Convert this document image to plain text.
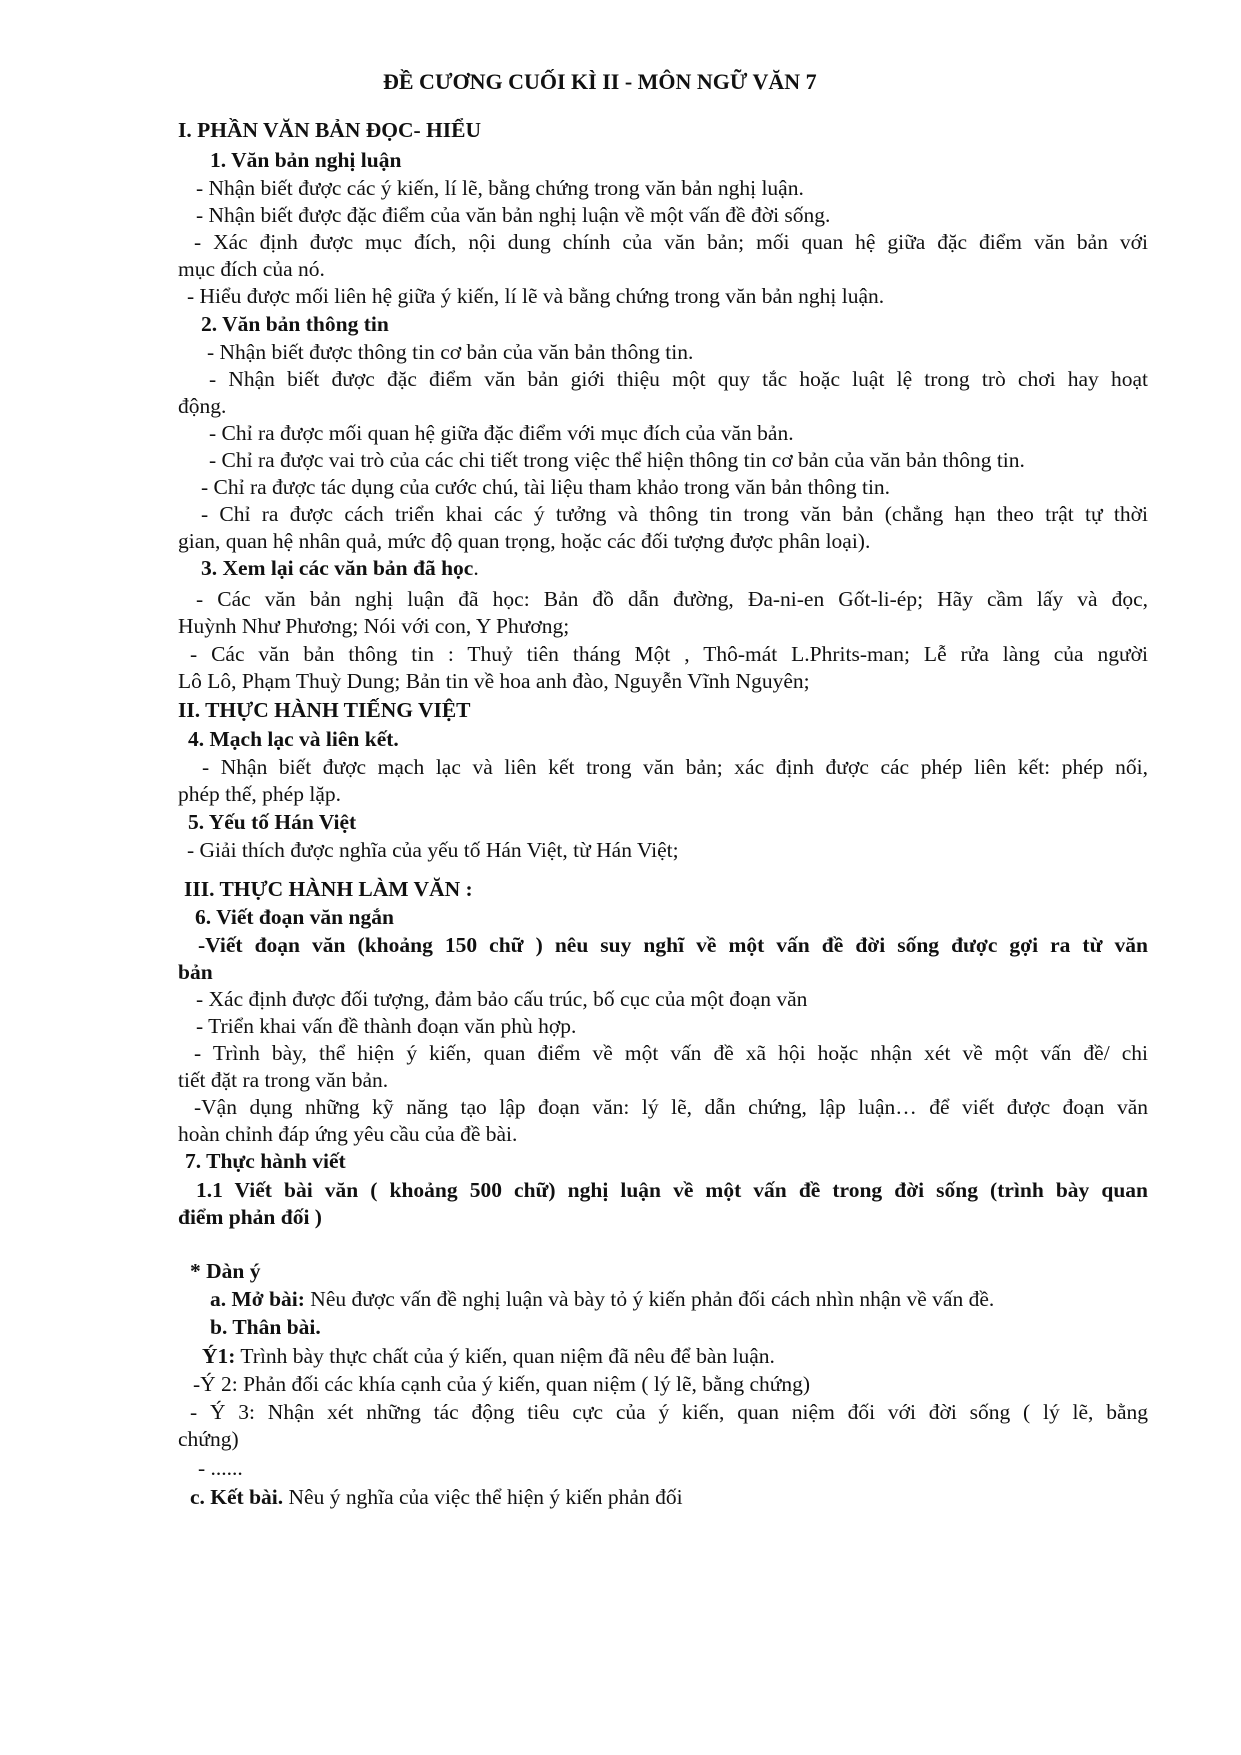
ĐỀ CƯƠNG CUỐI KÌ II - MÔN NGỮ VĂN 7
I. PHẦN VĂN BẢN ĐỌC- HIỂU
1. Văn bản nghị luận
- Nhận biết được các ý kiến, lí lẽ, bằng chứng trong văn bản nghị luận.
- Nhận biết được đặc điểm của văn bản nghị luận về một vấn đề đời sống.
- Xác định được mục đích, nội dung chính của văn bản; mối quan hệ giữa đặc điểm văn bản với
mục đích của nó.
- Hiểu được mối liên hệ giữa ý kiến, lí lẽ và bằng chứng trong văn bản nghị luận.
2. Văn bản thông tin
- Nhận biết được thông tin cơ bản của văn bản thông tin.
- Nhận biết được đặc điểm văn bản giới thiệu một quy tắc hoặc luật lệ trong trò chơi hay hoạt
động.
- Chỉ ra được mối quan hệ giữa đặc điểm với mục đích của văn bản.
- Chỉ ra được vai trò của các chi tiết trong việc thể hiện thông tin cơ bản của văn bản thông tin.
- Chỉ ra được tác dụng của cước chú, tài liệu tham khảo trong văn bản thông tin.
- Chỉ ra được cách triển khai các ý tưởng và thông tin trong văn bản (chẳng hạn theo trật tự thời
gian, quan hệ nhân quả, mức độ quan trọng, hoặc các đối tượng được phân loại).
3. Xem lại các văn bản đã học.
- Các văn bản nghị luận đã học: Bản đồ dẫn đường, Đa-ni-en Gốt-li-ép; Hãy cầm lấy và đọc,
Huỳnh Như Phương; Nói với con, Y Phương;
- Các văn bản thông tin : Thuỷ tiên tháng Một , Thô-mát L.Phrits-man; Lễ rửa làng của người
Lô Lô, Phạm Thuỳ Dung; Bản tin về hoa anh đào, Nguyễn Vĩnh Nguyên;
II. THỰC HÀNH TIẾNG VIỆT
4. Mạch lạc và liên kết.
- Nhận biết được mạch lạc và liên kết trong văn bản; xác định được các phép liên kết: phép nối,
phép thế, phép lặp.
5. Yếu tố Hán Việt
- Giải thích được nghĩa của yếu tố Hán Việt, từ Hán Việt;
III. THỰC HÀNH LÀM VĂN :
6. Viết đoạn văn ngắn
-Viết đoạn văn (khoảng 150 chữ ) nêu suy nghĩ về một vấn đề đời sống được gợi ra từ văn
bản
- Xác định được đối tượng, đảm bảo cấu trúc, bố cục của một đoạn văn
- Triển khai vấn đề thành đoạn văn phù hợp.
- Trình bày, thể hiện ý kiến, quan điểm về một vấn đề xã hội hoặc nhận xét về một vấn đề/ chi
tiết đặt ra trong văn bản.
-Vận dụng những kỹ năng tạo lập đoạn văn: lý lẽ, dẫn chứng, lập luận… để viết được đoạn văn
hoàn chỉnh đáp ứng yêu cầu của đề bài.
7. Thực hành viết
1.1 Viết bài văn ( khoảng 500 chữ) nghị luận về một vấn đề trong đời sống (trình bày quan
điểm phản đối )
* Dàn ý
a. Mở bài: Nêu được vấn đề nghị luận và bày tỏ ý kiến phản đối cách nhìn nhận về vấn đề.
b. Thân bài.
Ý1: Trình bày thực chất của ý kiến, quan niệm đã nêu để bàn luận.
-Ý 2: Phản đối các khía cạnh của ý kiến, quan niệm ( lý lẽ, bằng chứng)
- Ý 3: Nhận xét những tác động tiêu cực của ý kiến, quan niệm đối với đời sống ( lý lẽ, bằng
chứng)
- ......
c. Kết bài. Nêu ý nghĩa của việc thể hiện ý kiến phản đối
